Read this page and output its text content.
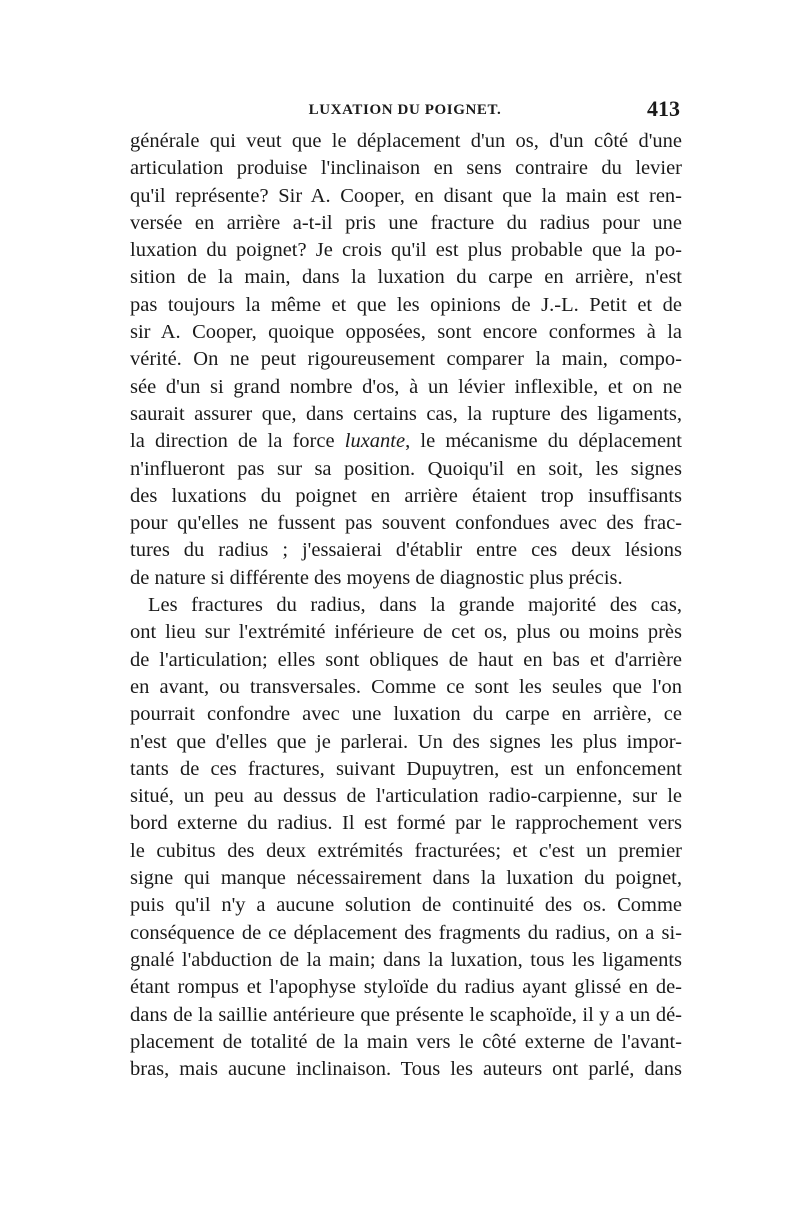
LUXATION DU POIGNET.	413
générale qui veut que le déplacement d'un os, d'un côté d'une
articulation produise l'inclinaison en sens contraire du levier
qu'il représente? Sir A. Cooper, en disant que la main est ren-
versée en arrière a-t-il pris une fracture du radius pour une
luxation du poignet? Je crois qu'il est plus probable que la po-
sition de la main, dans la luxation du carpe en arrière, n'est
pas toujours la même et que les opinions de J.-L. Petit et de
sir A. Cooper, quoique opposées, sont encore conformes à la
vérité. On ne peut rigoureusement comparer la main, compo-
sée d'un si grand nombre d'os, à un lévier inflexible, et on ne
saurait assurer que, dans certains cas, la rupture des ligaments,
la direction de la force luxante, le mécanisme du déplacement
n'influeront pas sur sa position. Quoiqu'il en soit, les signes
des luxations du poignet en arrière étaient trop insuffisants
pour qu'elles ne fussent pas souvent confondues avec des frac-
tures du radius ; j'essaierai d'établir entre ces deux lésions
de nature si différente des moyens de diagnostic plus précis.
Les fractures du radius, dans la grande majorité des cas,
ont lieu sur l'extrémité inférieure de cet os, plus ou moins près
de l'articulation; elles sont obliques de haut en bas et d'arrière
en avant, ou transversales. Comme ce sont les seules que l'on
pourrait confondre avec une luxation du carpe en arrière, ce
n'est que d'elles que je parlerai. Un des signes les plus impor-
tants de ces fractures, suivant Dupuytren, est un enfoncement
situé, un peu au dessus de l'articulation radio-carpienne, sur le
bord externe du radius. Il est formé par le rapprochement vers
le cubitus des deux extrémités fracturées; et c'est un premier
signe qui manque nécessairement dans la luxation du poignet,
puis qu'il n'y a aucune solution de continuité des os. Comme
conséquence de ce déplacement des fragments du radius, on a si-
gnalé l'abduction de la main; dans la luxation, tous les ligaments
étant rompus et l'apophyse styloïde du radius ayant glissé en de-
dans de la saillie antérieure que présente le scaphoïde, il y a un dé-
placement de totalité de la main vers le côté externe de l'avant-
bras, mais aucune inclinaison. Tous les auteurs ont parlé, dans
